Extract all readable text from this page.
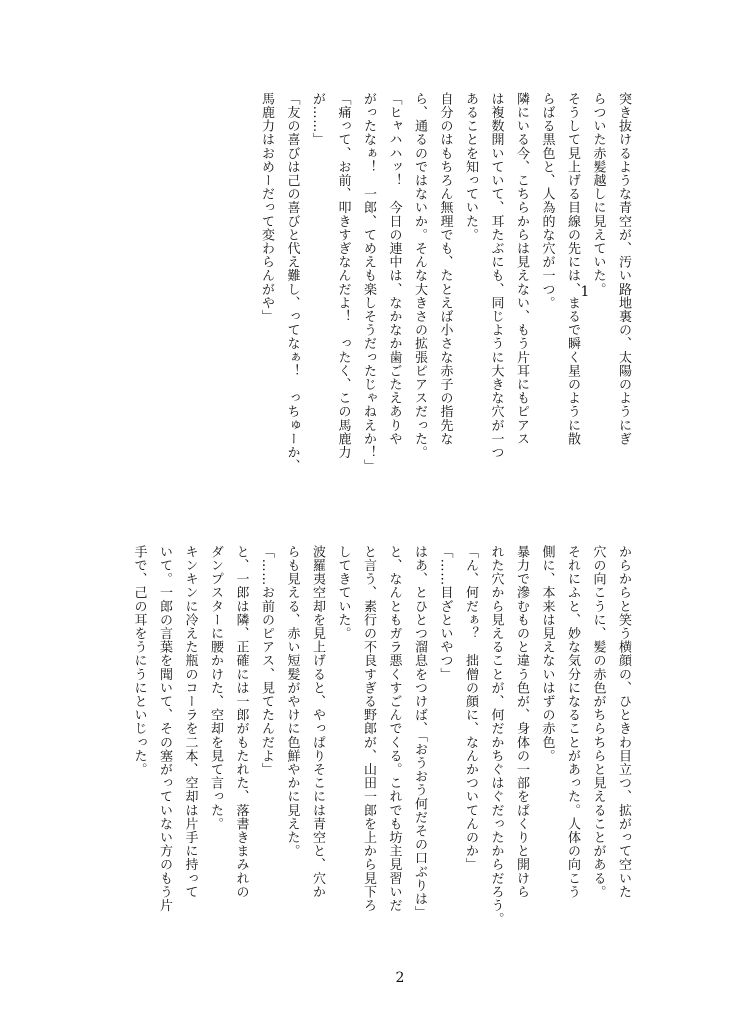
突き抜けるような青空が、汚い路地裏の、太陽のようにぎ
らついた赤髪越しに見えていた。
そうして見上げる目線の先には、まるで瞬く星のように散
らばる黒色と、人為的な穴が一つ。
隣にいる今、こちらからは見えない、もう片耳にもピアス
は複数開いていて、耳たぶにも、同じように大きな穴が一つ
あることを知っていた。
自分のはもちろん無理でも、たとえば小さな赤子の指先な
ら、通るのではないか。そんな大きさの拡張ピアスだった。
「ヒャハハッ！　今日の連中は、なかなか歯ごたえありや
がったなぁ！　一郎、てめえも楽しそうだったじゃねえか！」
「痛って、お前、叩きすぎなんだよ！　ったく、この馬鹿力
が……」
「友の喜びは己の喜びと代え難し、ってなぁ！　っちゅーか、
馬鹿力はおめーだって変わらんがや」	1
からからと笑う横顔の、ひときわ目立つ、拡がって空いた
穴の向こうに、髪の赤色がちらちらと見えることがある。
それにふと、妙な気分になることがあった。人体の向こう
側に、本来は見えないはずの赤色。
暴力で滲むものと違う色が、身体の一部をぱくりと開けら
れた穴から見えることが、何だかちぐはぐだったからだろう。
「ん、何だぁ？　拙僧の顔に、なんかついてんのか」
「……目ざといやつ」
はあ、とひとつ溜息をつけば、「おうおう何だその口ぶりは」
と、なんともガラ悪くすごんでくる。これでも坊主見習いだ
と言う、素行の不良すぎる野郎が、山田一郎を上から見下ろ
してきていた。
波羅夷空却を見上げると、やっぱりそこには青空と、穴か
らも見える、赤い短髪がやけに色鮮やかに見えた。
「……お前のピアス、見てたんだよ」
と、一郎は隣、正確には一郎がもたれた、落書きまみれの
ダンプスターに腰かけた、空却を見て言った。
キンキンに冷えた瓶のコーラを二本、空却は片手に持って
いて。一郎の言葉を聞いて、その塞がっていない方のもう片
手で、己の耳をうにうにといじった。
2
